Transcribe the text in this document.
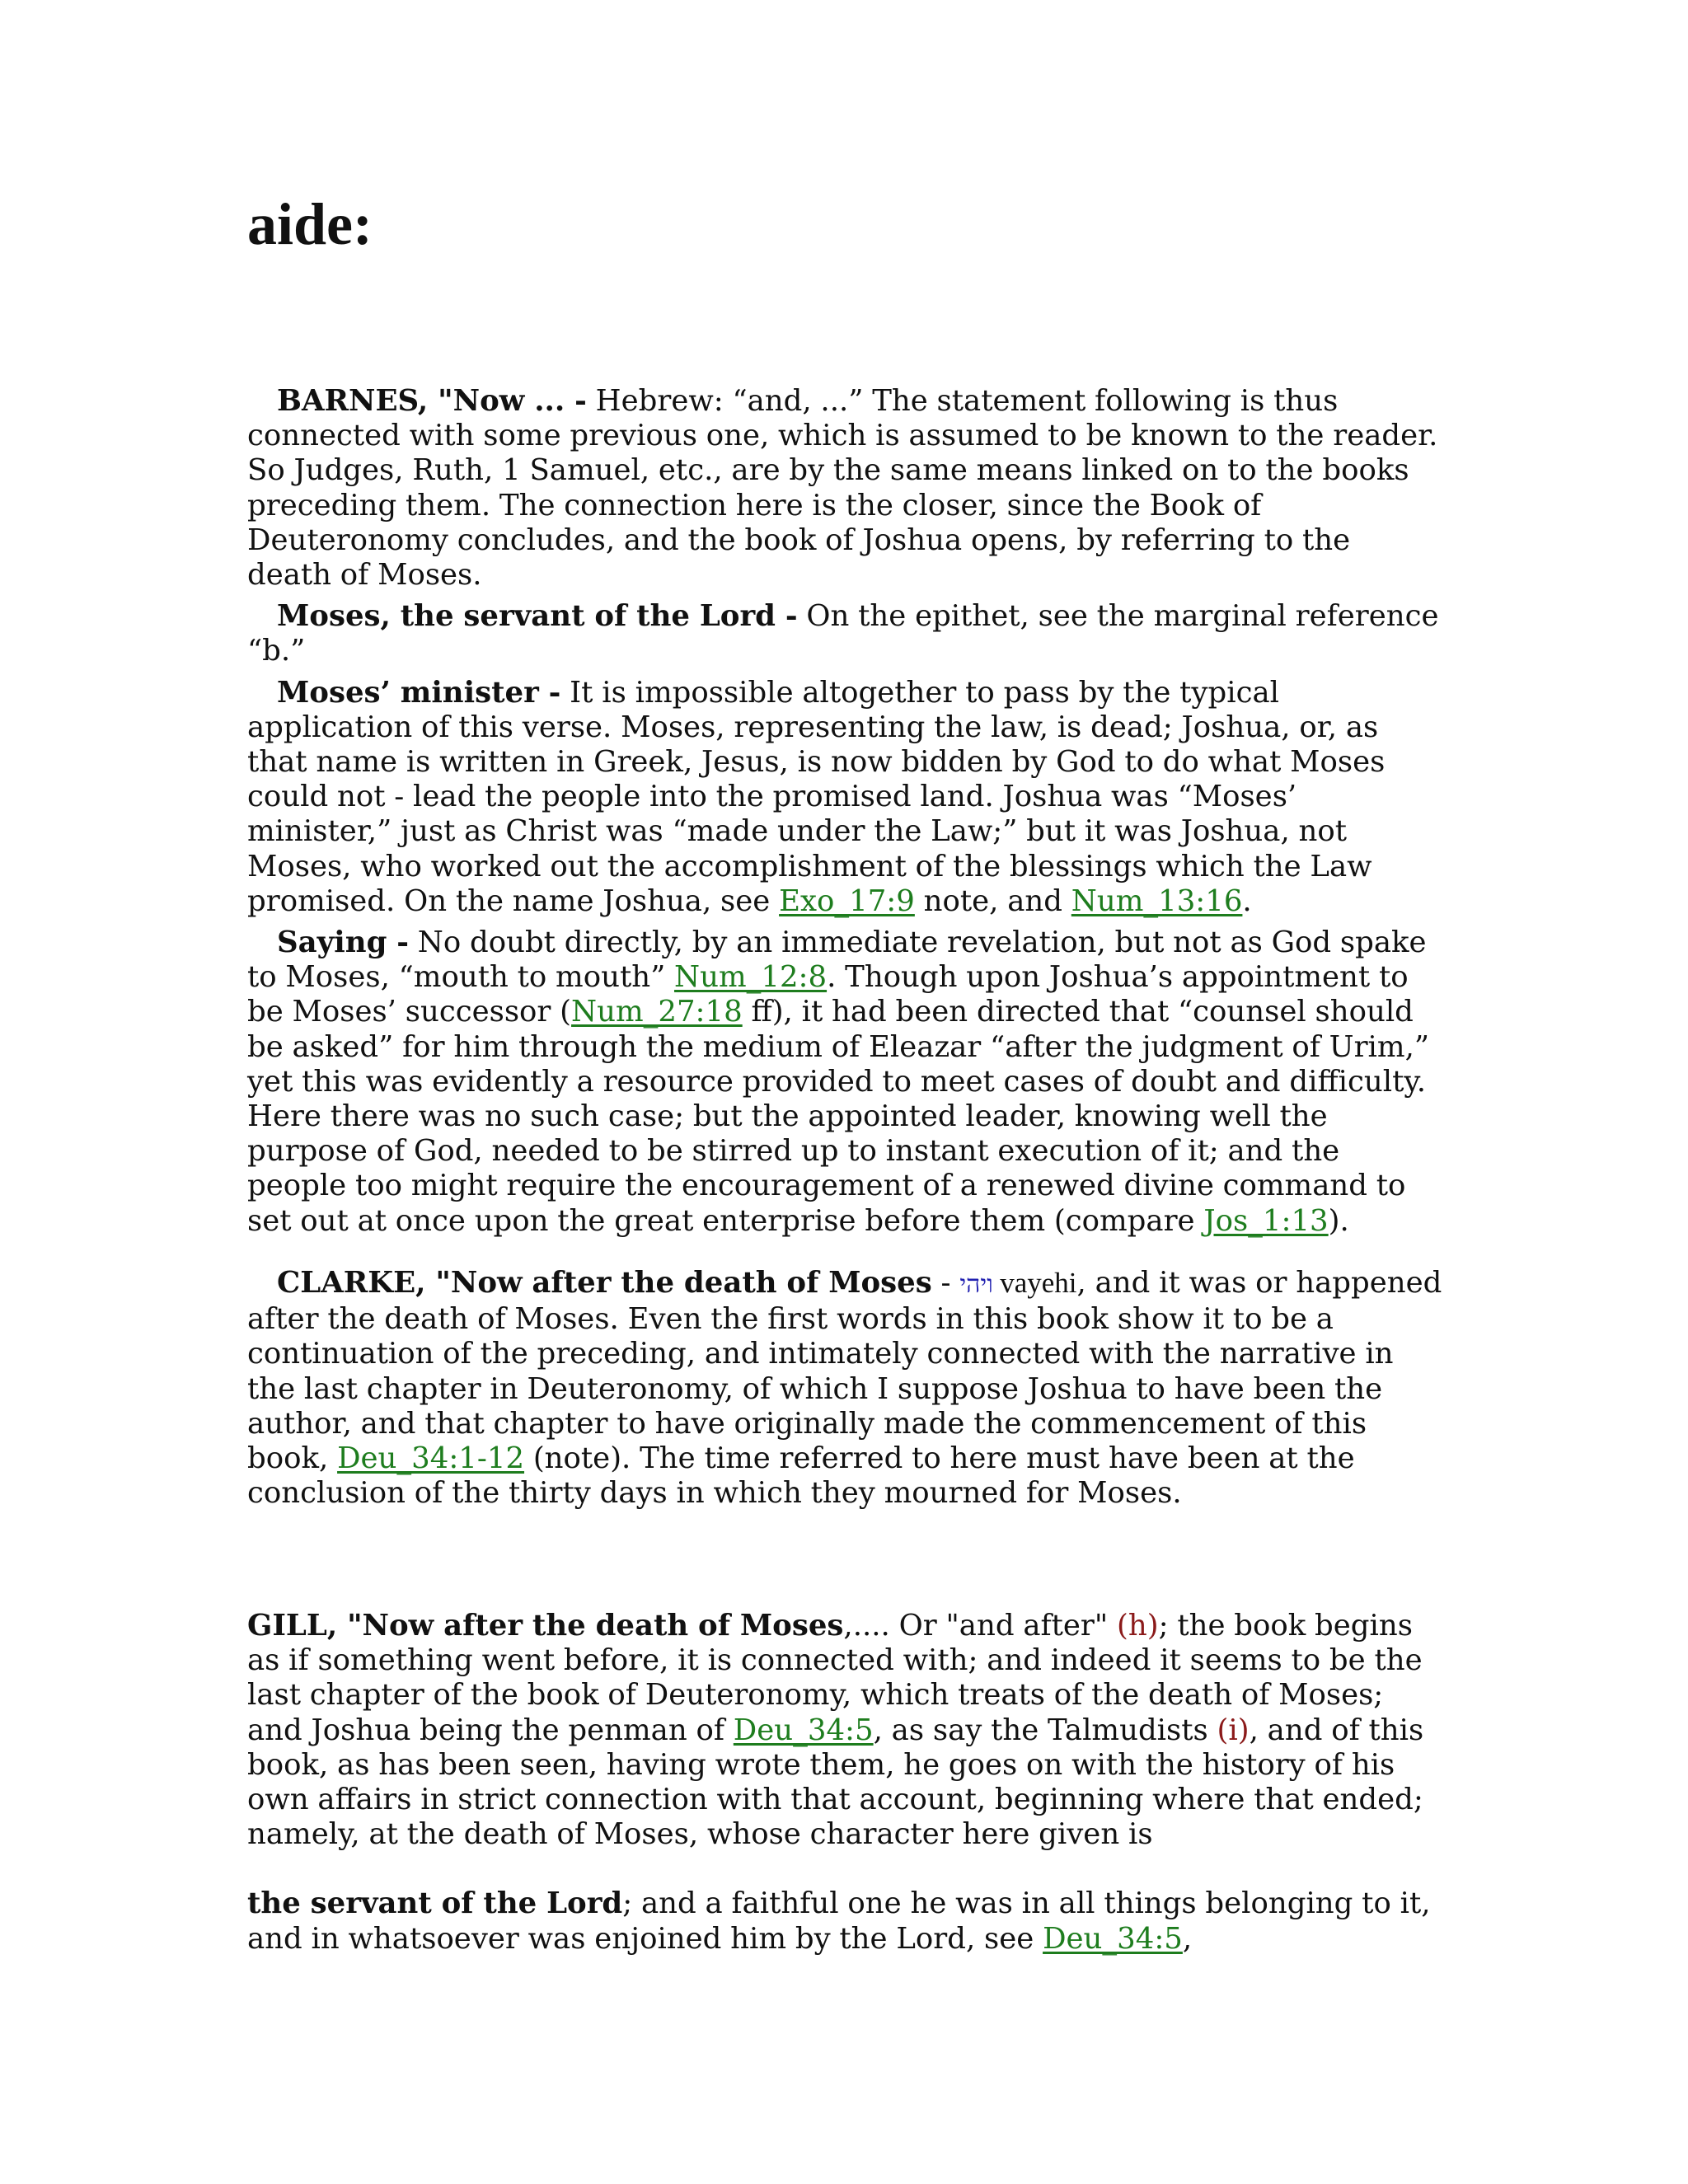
aide:

BARNES, "Now ... - Hebrew: “and, ...” The statement following is thus connected with some previous one, which is assumed to be known to the reader. So Judges, Ruth, 1 Samuel, etc., are by the same means linked on to the books preceding them. The connection here is the closer, since the Book of Deuteronomy concludes, and the book of Joshua opens, by referring to the death of Moses.

Moses, the servant of the Lord - On the epithet, see the marginal reference “b.”

Moses’ minister - It is impossible altogether to pass by the typical application of this verse. Moses, representing the law, is dead; Joshua, or, as that name is written in Greek, Jesus, is now bidden by God to do what Moses could not - lead the people into the promised land. Joshua was “Moses’ minister,” just as Christ was “made under the Law;” but it was Joshua, not Moses, who worked out the accomplishment of the blessings which the Law promised. On the name Joshua, see Exo_17:9 note, and Num_13:16.

Saying - No doubt directly, by an immediate revelation, but not as God spake to Moses, “mouth to mouth” Num_12:8. Though upon Joshua’s appointment to be Moses’ successor (Num_27:18 ff), it had been directed that “counsel should be asked” for him through the medium of Eleazar “after the judgment of Urim,” yet this was evidently a resource provided to meet cases of doubt and difficulty. Here there was no such case; but the appointed leader, knowing well the purpose of God, needed to be stirred up to instant execution of it; and the people too might require the encouragement of a renewed divine command to set out at once upon the great enterprise before them (compare Jos_1:13).

CLARKE, "Now after the death of Moses - ויהי vayehi, and it was or happened after the death of Moses. Even the first words in this book show it to be a continuation of the preceding, and intimately connected with the narrative in the last chapter in Deuteronomy, of which I suppose Joshua to have been the author, and that chapter to have originally made the commencement of this book, Deu_34:1-12 (note). The time referred to here must have been at the conclusion of the thirty days in which they mourned for Moses.

GILL, "Now after the death of Moses,.... Or "and after" (h); the book begins as if something went before, it is connected with; and indeed it seems to be the last chapter of the book of Deuteronomy, which treats of the death of Moses; and Joshua being the penman of Deu_34:5, as say the Talmudists (i), and of this book, as has been seen, having wrote them, he goes on with the history of his own affairs in strict connection with that account, beginning where that ended; namely, at the death of Moses, whose character here given is

the servant of the Lord; and a faithful one he was in all things belonging to it, and in whatsoever was enjoined him by the Lord, see Deu_34:5,
